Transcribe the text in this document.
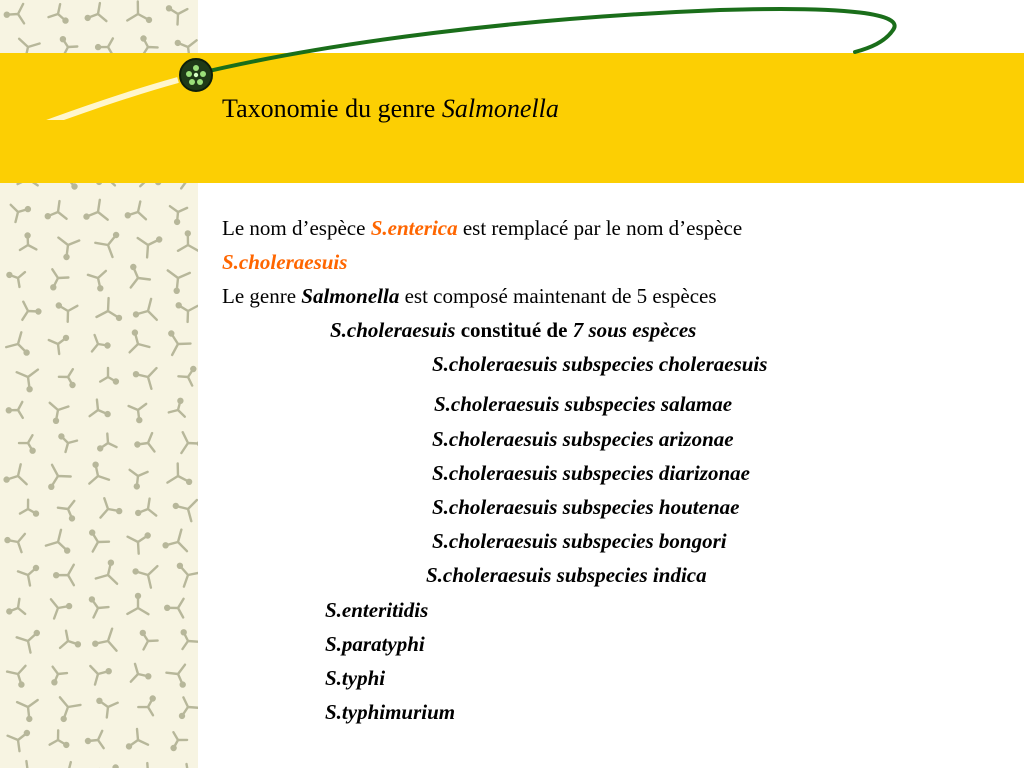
Taxonomie du genre Salmonella
Le nom d’espèce S.enterica est remplacé par le nom d’espèce
S.choleraesuis
Le genre Salmonella est composé maintenant de 5 espèces
S.choleraesuis constitué de 7 sous espèces
S.choleraesuis subspecies choleraesuis
S.choleraesuis subspecies salamae
S.choleraesuis subspecies arizonae
S.choleraesuis subspecies diarizonae
S.choleraesuis subspecies houtenae
S.choleraesuis subspecies bongori
S.choleraesuis subspecies indica
S.enteritidis
S.paratyphi
S.typhi
S.typhimurium
